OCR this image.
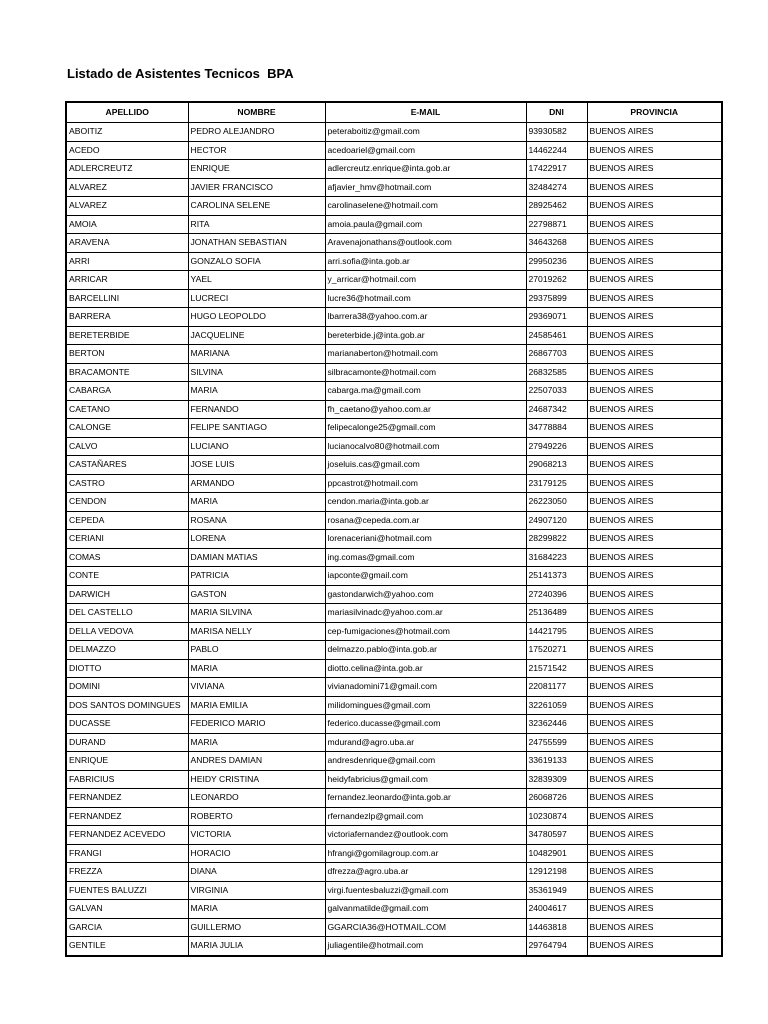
Listado de Asistentes Tecnicos  BPA
APELLIDO	NOMBRE	E-MAIL	DNI	PROVINCIA
ABOITIZ	PEDRO ALEJANDRO	peteraboitiz@gmail.com	93930582	BUENOS AIRES
ACEDO	HECTOR	acedoariel@gmail.com	14462244	BUENOS AIRES
ADLERCREUTZ	ENRIQUE	adlercreutz.enrique@inta.gob.ar	17422917	BUENOS AIRES
ALVAREZ	JAVIER FRANCISCO	afjavier_hmv@hotmail.com	32484274	BUENOS AIRES
ALVAREZ	CAROLINA SELENE	carolinaselene@hotmail.com	28925462	BUENOS AIRES
AMOIA	RITA	amoia.paula@gmail.com	22798871	BUENOS AIRES
ARAVENA	JONATHAN SEBASTIAN	Aravenajonathans@outlook.com	34643268	BUENOS AIRES
ARRI	GONZALO SOFIA	arri.sofia@inta.gob.ar	29950236	BUENOS AIRES
ARRICAR	YAEL	y_arricar@hotmail.com	27019262	BUENOS AIRES
BARCELLINI	LUCRECI	lucre36@hotmail.com	29375899	BUENOS AIRES
BARRERA	HUGO LEOPOLDO	lbarrera38@yahoo.com.ar	29369071	BUENOS AIRES
BERETERBIDE	JACQUELINE	bereterbide.j@inta.gob.ar	24585461	BUENOS AIRES
BERTON	MARIANA	marianaberton@hotmail.com	26867703	BUENOS AIRES
BRACAMONTE	SILVINA	silbracamonte@hotmail.com	26832585	BUENOS AIRES
CABARGA	MARIA	cabarga.ma@gmail.com	22507033	BUENOS AIRES
CAETANO	FERNANDO	fh_caetano@yahoo.com.ar	24687342	BUENOS AIRES
CALONGE	FELIPE SANTIAGO	felipecalonge25@gmail.com	34778884	BUENOS AIRES
CALVO	LUCIANO	lucianocalvo80@hotmail.com	27949226	BUENOS AIRES
CASTAÑARES	JOSE LUIS	joseluis.cas@gmail.com	29068213	BUENOS AIRES
CASTRO	ARMANDO	ppcastrot@hotmail.com	23179125	BUENOS AIRES
CENDON	MARIA	cendon.maria@inta.gob.ar	26223050	BUENOS AIRES
CEPEDA	ROSANA	rosana@cepeda.com.ar	24907120	BUENOS AIRES
CERIANI	LORENA	lorenaceriani@hotmail.com	28299822	BUENOS AIRES
COMAS	DAMIAN MATIAS	ing.comas@gmail.com	31684223	BUENOS AIRES
CONTE	PATRICIA	iapconte@gmail.com	25141373	BUENOS AIRES
DARWICH	GASTON	gastondarwich@yahoo.com	27240396	BUENOS AIRES
DEL CASTELLO	MARIA SILVINA	mariasilvinadc@yahoo.com.ar	25136489	BUENOS AIRES
DELLA VEDOVA	MARISA NELLY	cep-fumigaciones@hotmail.com	14421795	BUENOS AIRES
DELMAZZO	PABLO	delmazzo.pablo@inta.gob.ar	17520271	BUENOS AIRES
DIOTTO	MARIA	diotto.celina@inta.gob.ar	21571542	BUENOS AIRES
DOMINI	VIVIANA	vivianadomini71@gmail.com	22081177	BUENOS AIRES
DOS SANTOS DOMINGUES	MARIA EMILIA	milidomingues@gmail.com	32261059	BUENOS AIRES
DUCASSE	FEDERICO MARIO	federico.ducasse@gmail.com	32362446	BUENOS AIRES
DURAND	MARIA	mdurand@agro.uba.ar	24755599	BUENOS AIRES
ENRIQUE	ANDRES DAMIAN	andresdenrique@gmail.com	33619133	BUENOS AIRES
FABRICIUS	HEIDY CRISTINA	heidyfabricius@gmail.com	32839309	BUENOS AIRES
FERNANDEZ	LEONARDO	fernandez.leonardo@inta.gob.ar	26068726	BUENOS AIRES
FERNANDEZ	ROBERTO	rfernandezlp@gmail.com	10230874	BUENOS AIRES
FERNANDEZ ACEVEDO	VICTORIA	victoriafernandez@outlook.com	34780597	BUENOS AIRES
FRANGI	HORACIO	hfrangi@gomilagroup.com.ar	10482901	BUENOS AIRES
FREZZA	DIANA	dfrezza@agro.uba.ar	12912198	BUENOS AIRES
FUENTES BALUZZI	VIRGINIA	virgi.fuentesbaluzzi@gmail.com	35361949	BUENOS AIRES
GALVAN	MARIA	galvanmatilde@gmail.com	24004617	BUENOS AIRES
GARCIA	GUILLERMO	GGARCIA36@HOTMAIL.COM	14463818	BUENOS AIRES
GENTILE	MARIA JULIA	juliagentile@hotmail.com	29764794	BUENOS AIRES
